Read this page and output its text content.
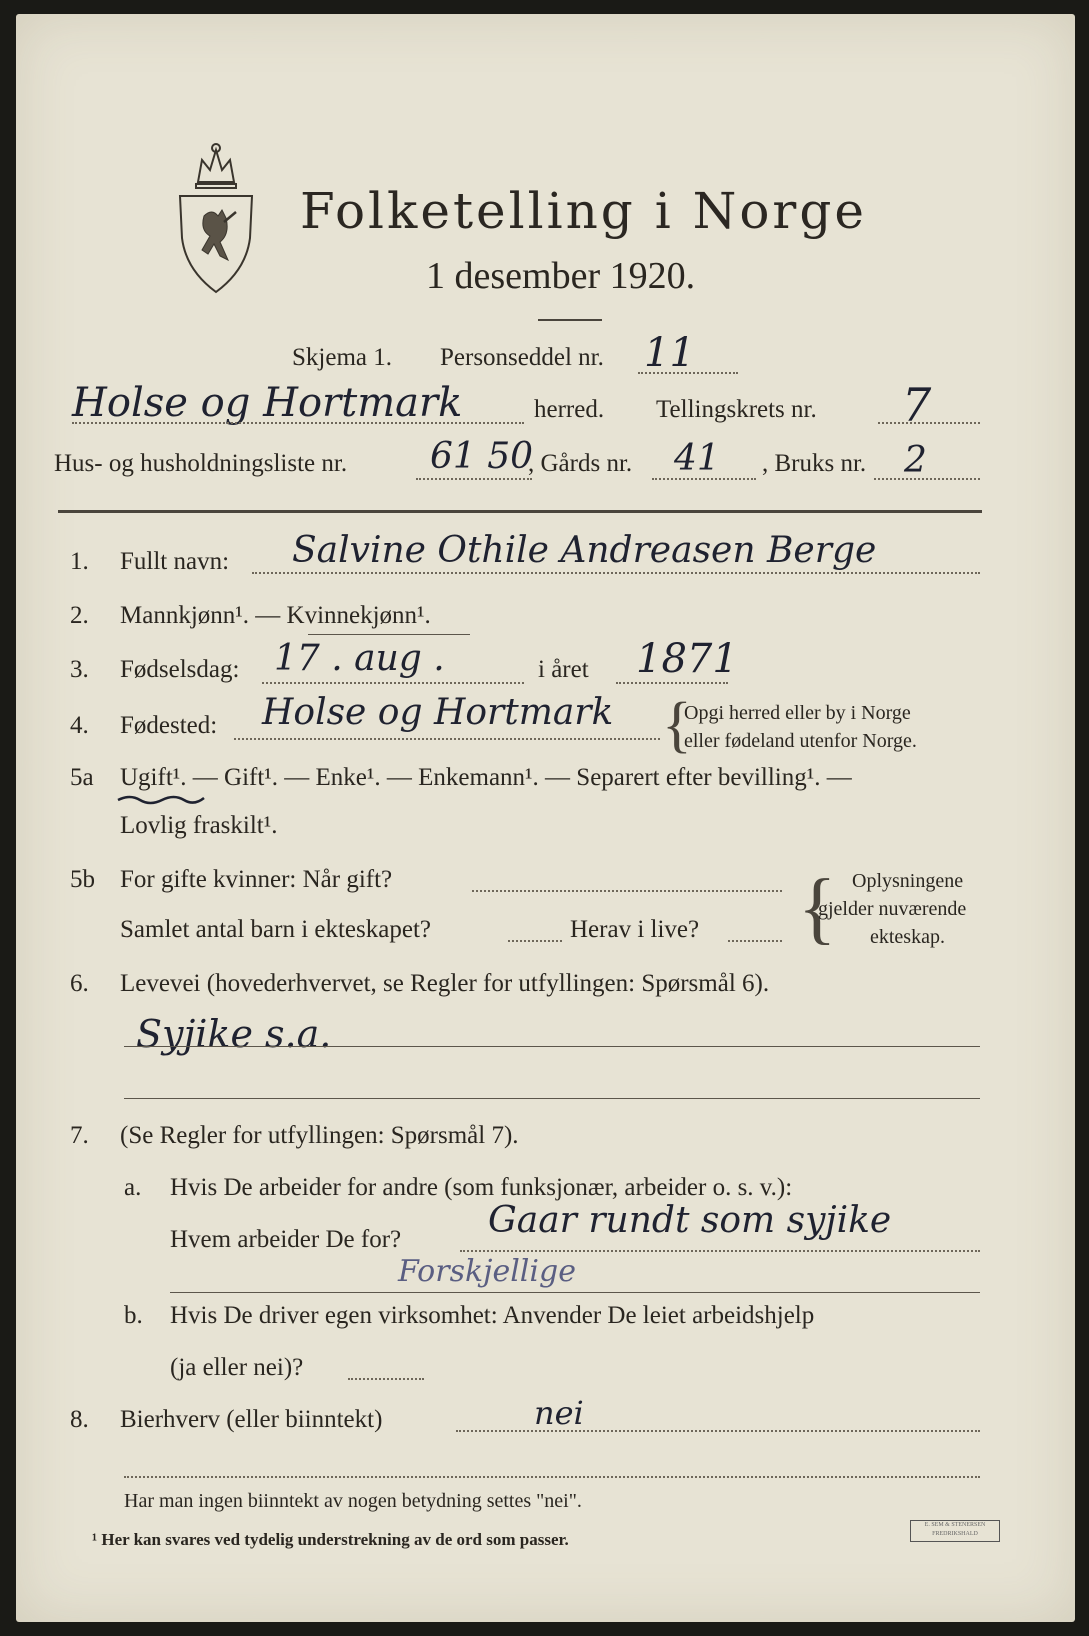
Folketelling i Norge
1 desember 1920.
Skjema 1. Personseddel nr. 11
Holse og Hortmark	herred. Tellingskrets nr. 7
Hus- og husholdningsliste nr. 61 50
, Gårds nr. 41 , Bruks nr. 2
1. Fullt navn: Salvine Othile Andreasen Berge
2. Mannkjønn¹. — Kvinnekjønn¹.
3. Fødselsdag: 17 . aug .	i året 1871
4. Fødested: Holse og Hortmark {
Opgi herred eller by i Norge
eller fødeland utenfor Norge.
5a Ugift¹. — Gift¹. — Enke¹. — Enkemann¹. — Separert efter bevilling¹. —
Lovlig fraskilt¹.
5b For gifte kvinner: Når gift?
Samlet antal barn i ekteskapet?	Herav i live? { Oplysningene
gjelder nuværende
ekteskap.
6. Levevei (hovederhvervet, se Regler for utfyllingen: Spørsmål 6).
Syjike s.a.
7. (Se Regler for utfyllingen: Spørsmål 7).
a. Hvis De arbeider for andre (som funksjonær, arbeider o. s. v.):
Hvem arbeider De for? Gaar rundt som syjike
Forskjellige
b. Hvis De driver egen virksomhet: Anvender De leiet arbeidshjelp
(ja eller nei)?
8. Bierhverv (eller biinntekt)	nei
Har man ingen biinntekt av nogen betydning settes "nei".
¹ Her kan svares ved tydelig understrekning av de ord som passer.
E. SEM & STENERSEN
FREDRIKSHALD
